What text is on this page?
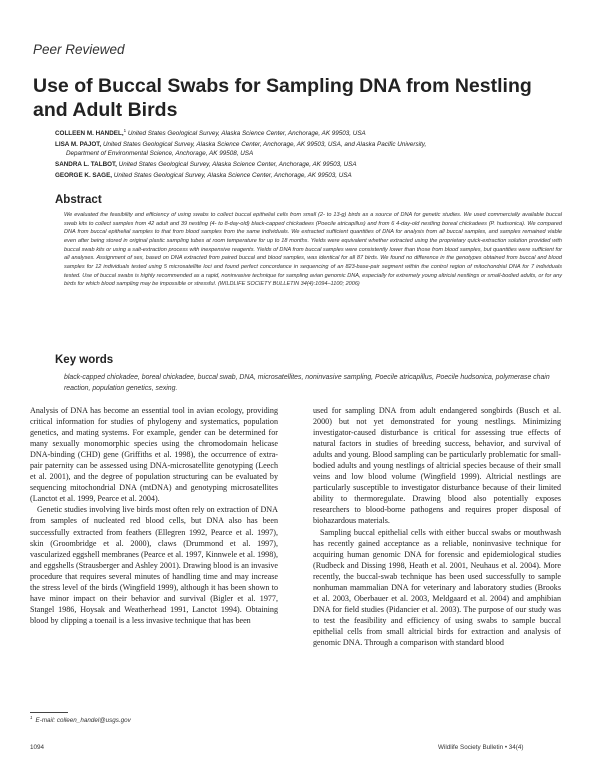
Peer Reviewed
Use of Buccal Swabs for Sampling DNA from Nestling and Adult Birds
COLLEEN M. HANDEL,$^1$ United States Geological Survey, Alaska Science Center, Anchorage, AK 99503, USA
LISA M. PAJOT, United States Geological Survey, Alaska Science Center, Anchorage, AK 99503, USA, and Alaska Pacific University,
Department of Environmental Science, Anchorage, AK 99508, USA
SANDRA L. TALBOT, United States Geological Survey, Alaska Science Center, Anchorage, AK 99503, USA
GEORGE K. SAGE, United States Geological Survey, Alaska Science Center, Anchorage, AK 99503, USA
Abstract

We evaluated the feasibility and efficiency of using swabs to collect buccal epithelial cells from small (2- to 13-g) birds as a source of DNA for genetic studies. We used commercially available buccal swab kits to collect samples from 42 adult and 39 nestling (4- to 8-day-old) black-capped chickadees (Poecile atricapillus) and from 6 4-day-old nestling boreal chickadees (P. hudsonica). We compared DNA from buccal epithelial samples to that from blood samples from the same individuals. We extracted sufficient quantities of DNA for analysis from all buccal samples, and samples remained viable even after being stored in original plastic sampling tubes at room temperature for up to 18 months. Yields were equivalent whether extracted using the proprietary quick-extraction solution provided with buccal swab kits or using a salt-extraction process with inexpensive reagents. Yields of DNA from buccal samples were consistently lower than those from blood samples, but quantities were sufficient for all analyses. Assignment of sex, based on DNA extracted from paired buccal and blood samples, was identical for all 87 birds. We found no difference in the genotypes obtained from buccal and blood samples for 12 individuals tested using 5 microsatellite loci and found perfect concordance in sequencing of an 823-base-pair segment within the control region of mitochondrial DNA for 7 individuals tested. Use of buccal swabs is highly recommended as a rapid, noninvasive technique for sampling avian genomic DNA, especially for extremely young altricial nestlings or small-bodied adults, or for any birds for which blood sampling may be impossible or stressful. (WILDLIFE SOCIETY BULLETIN 34(4):1094–1100; 2006)

Key words

black-capped chickadee, boreal chickadee, buccal swab, DNA, microsatellites, noninvasive sampling, Poecile atricapillus, Poecile hudsonica, polymerase chain reaction, population genetics, sexing.

Analysis of DNA has become an essential tool in avian ecology, providing critical information for studies of phylogeny and systematics, population genetics, and mating systems. For example, gender can be determined for many sexually monomorphic species using the chromodomain helicase DNA-binding (CHD) gene (Griffiths et al. 1998), the occurrence of extra-pair paternity can be assessed using DNA-microsatellite genotyping (Leech et al. 2001), and the degree of population structuring can be evaluated by sequencing mitochondrial DNA (mtDNA) and genotyping microsatellites (Lanctot et al. 1999, Pearce et al. 2004).

Genetic studies involving live birds most often rely on extraction of DNA from samples of nucleated red blood cells, but DNA also has been successfully extracted from feathers (Ellegren 1992, Pearce et al. 1997), skin (Groombridge et al. 2000), claws (Drummond et al. 1997), vascularized eggshell membranes (Pearce et al. 1997, Kinnwele et al. 1998), and eggshells (Strausberger and Ashley 2001). Drawing blood is an invasive procedure that requires several minutes of handling time and may increase the stress level of the birds (Wingfield 1999), although it has been shown to have minor impact on their behavior and survival (Bigler et al. 1977, Stangel 1986, Hoysak and Weatherhead 1991, Lanctot 1994). Obtaining blood by clipping a toenail is a less invasive technique that has been

used for sampling DNA from adult endangered songbirds (Busch et al. 2000) but not yet demonstrated for young nestlings. Minimizing investigator-caused disturbance is critical for assessing true effects of natural factors in studies of breeding success, behavior, and survival of adults and young. Blood sampling can be particularly problematic for small-bodied adults and young nestlings of altricial species because of their small veins and low blood volume (Wingfield 1999). Altricial nestlings are particularly susceptible to investigator disturbance because of their limited ability to thermoregulate. Drawing blood also potentially exposes researchers to blood-borne pathogens and requires proper disposal of biohazardous materials.

Sampling buccal epithelial cells with either buccal swabs or mouthwash has recently gained acceptance as a reliable, noninvasive technique for acquiring human genomic DNA for forensic and epidemiological studies (Rudbeck and Dissing 1998, Heath et al. 2001, Neuhaus et al. 2004). More recently, the buccal-swab technique has been used successfully to sample nonhuman mammalian DNA for veterinary and laboratory studies (Brooks et al. 2003, Oberbauer et al. 2003, Meldgaard et al. 2004) and amphibian DNA for field studies (Pidancier et al. 2003). The purpose of our study was to test the feasibility and efficiency of using swabs to sample buccal epithelial cells from small altricial birds for extraction and analysis of genomic DNA. Through a comparison with standard blood

$^1$ E-mail: colleen_handel@usgs.gov
1094	Wildlife Society Bulletin • 34(4)
